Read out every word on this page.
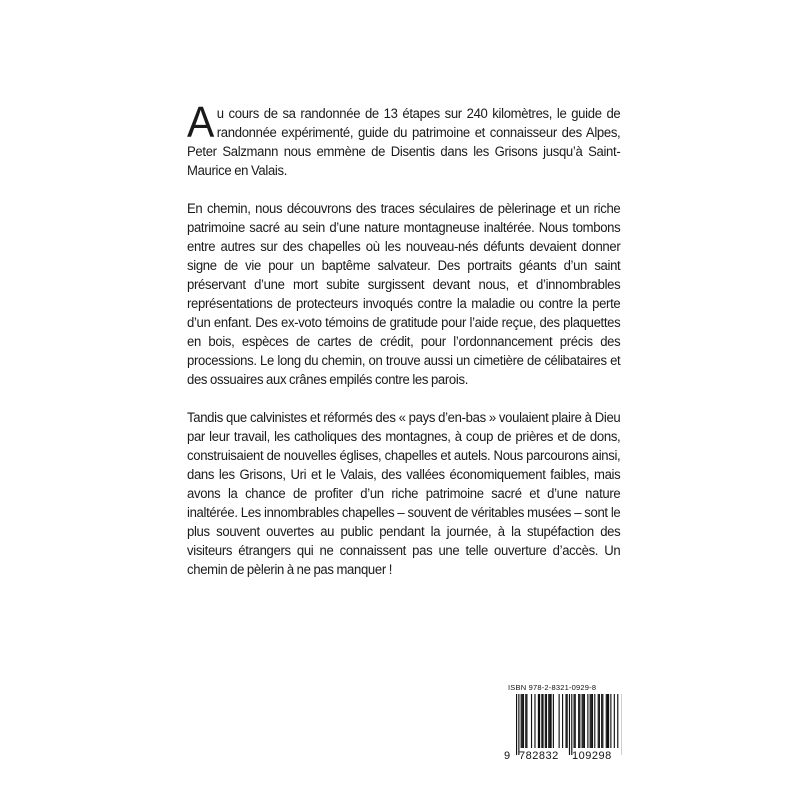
Au cours de sa randonnée de 13 étapes sur 240 kilomètres, le guide de randonnée expérimenté, guide du patrimoine et connaisseur des Alpes, Peter Salzmann nous emmène de Disentis dans les Grisons jusqu’à Saint-Maurice en Valais.

En chemin, nous découvrons des traces séculaires de pèlerinage et un riche patrimoine sacré au sein d’une nature montagneuse inaltérée. Nous tombons entre autres sur des chapelles où les nouveau-nés défunts devaient donner signe de vie pour un baptême salvateur. Des portraits géants d’un saint préservant d’une mort subite surgissent devant nous, et d’innombrables représentations de protecteurs invoqués contre la maladie ou contre la perte d’un enfant. Des ex-voto témoins de gratitude pour l’aide reçue, des plaquettes en bois, espèces de cartes de crédit, pour l’ordonnancement précis des processions. Le long du chemin, on trouve aussi un cimetière de célibataires et des ossuaires aux crânes empilés contre les parois.

Tandis que calvinistes et réformés des « pays d’en-bas » voulaient plaire à Dieu par leur travail, les catholiques des montagnes, à coup de prières et de dons, construisaient de nouvelles églises, chapelles et autels. Nous parcourons ainsi, dans les Grisons, Uri et le Valais, des vallées économiquement faibles, mais avons la chance de profiter d’un riche patrimoine sacré et d’une nature inaltérée. Les innombrables chapelles – souvent de véritables musées – sont le plus souvent ouvertes au public pendant la journée, à la stupéfaction des visiteurs étrangers qui ne connaissent pas une telle ouverture d’accès. Un chemin de pèlerin à ne pas manquer !

ISBN 978-2-8321-0929-8
9 782832 109298
